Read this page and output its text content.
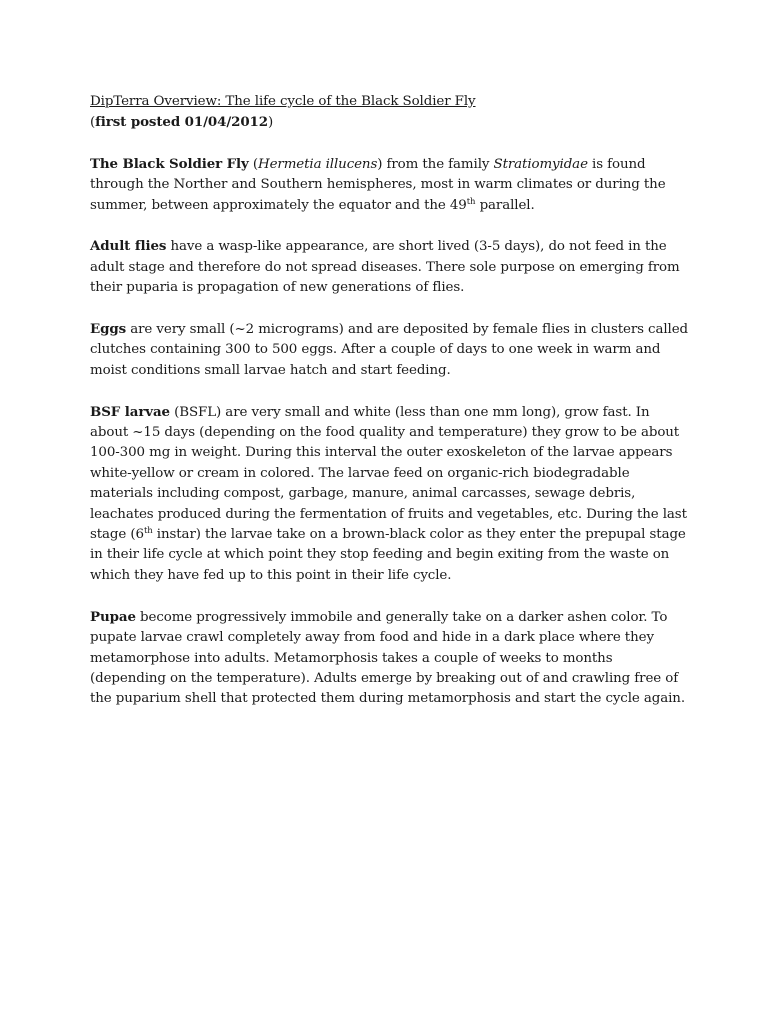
DipTerra Overview: The life cycle of the Black Soldier Fly
(first posted 01/04/2012)
The Black Soldier Fly (Hermetia illucens) from the family Stratiomyidae is found
through the Norther and Southern hemispheres, most in warm climates or during the
summer, between approximately the equator and the 49th parallel.
Adult flies have a wasp-like appearance, are short lived (3-5 days), do not feed in the
adult stage and therefore do not spread diseases. There sole purpose on emerging from
their puparia is propagation of new generations of flies.
Eggs are very small (~2 micrograms) and are deposited by female flies in clusters called
clutches containing 300 to 500 eggs. After a couple of days to one week in warm and
moist conditions small larvae hatch and start feeding.
BSF larvae (BSFL) are very small and white (less than one mm long), grow fast. In
about ~15 days (depending on the food quality and temperature) they grow to be about
100-300 mg in weight. During this interval the outer exoskeleton of the larvae appears
white-yellow or cream in colored. The larvae feed on organic-rich biodegradable
materials including compost, garbage, manure, animal carcasses, sewage debris,
leachates produced during the fermentation of fruits and vegetables, etc. During the last
stage (6th instar) the larvae take on a brown-black color as they enter the prepupal stage
in their life cycle at which point they stop feeding and begin exiting from the waste on
which they have fed up to this point in their life cycle.
Pupae become progressively immobile and generally take on a darker ashen color. To
pupate larvae crawl completely away from food and hide in a dark place where they
metamorphose into adults. Metamorphosis takes a couple of weeks to months
(depending on the temperature). Adults emerge by breaking out of and crawling free of
the puparium shell that protected them during metamorphosis and start the cycle again.
